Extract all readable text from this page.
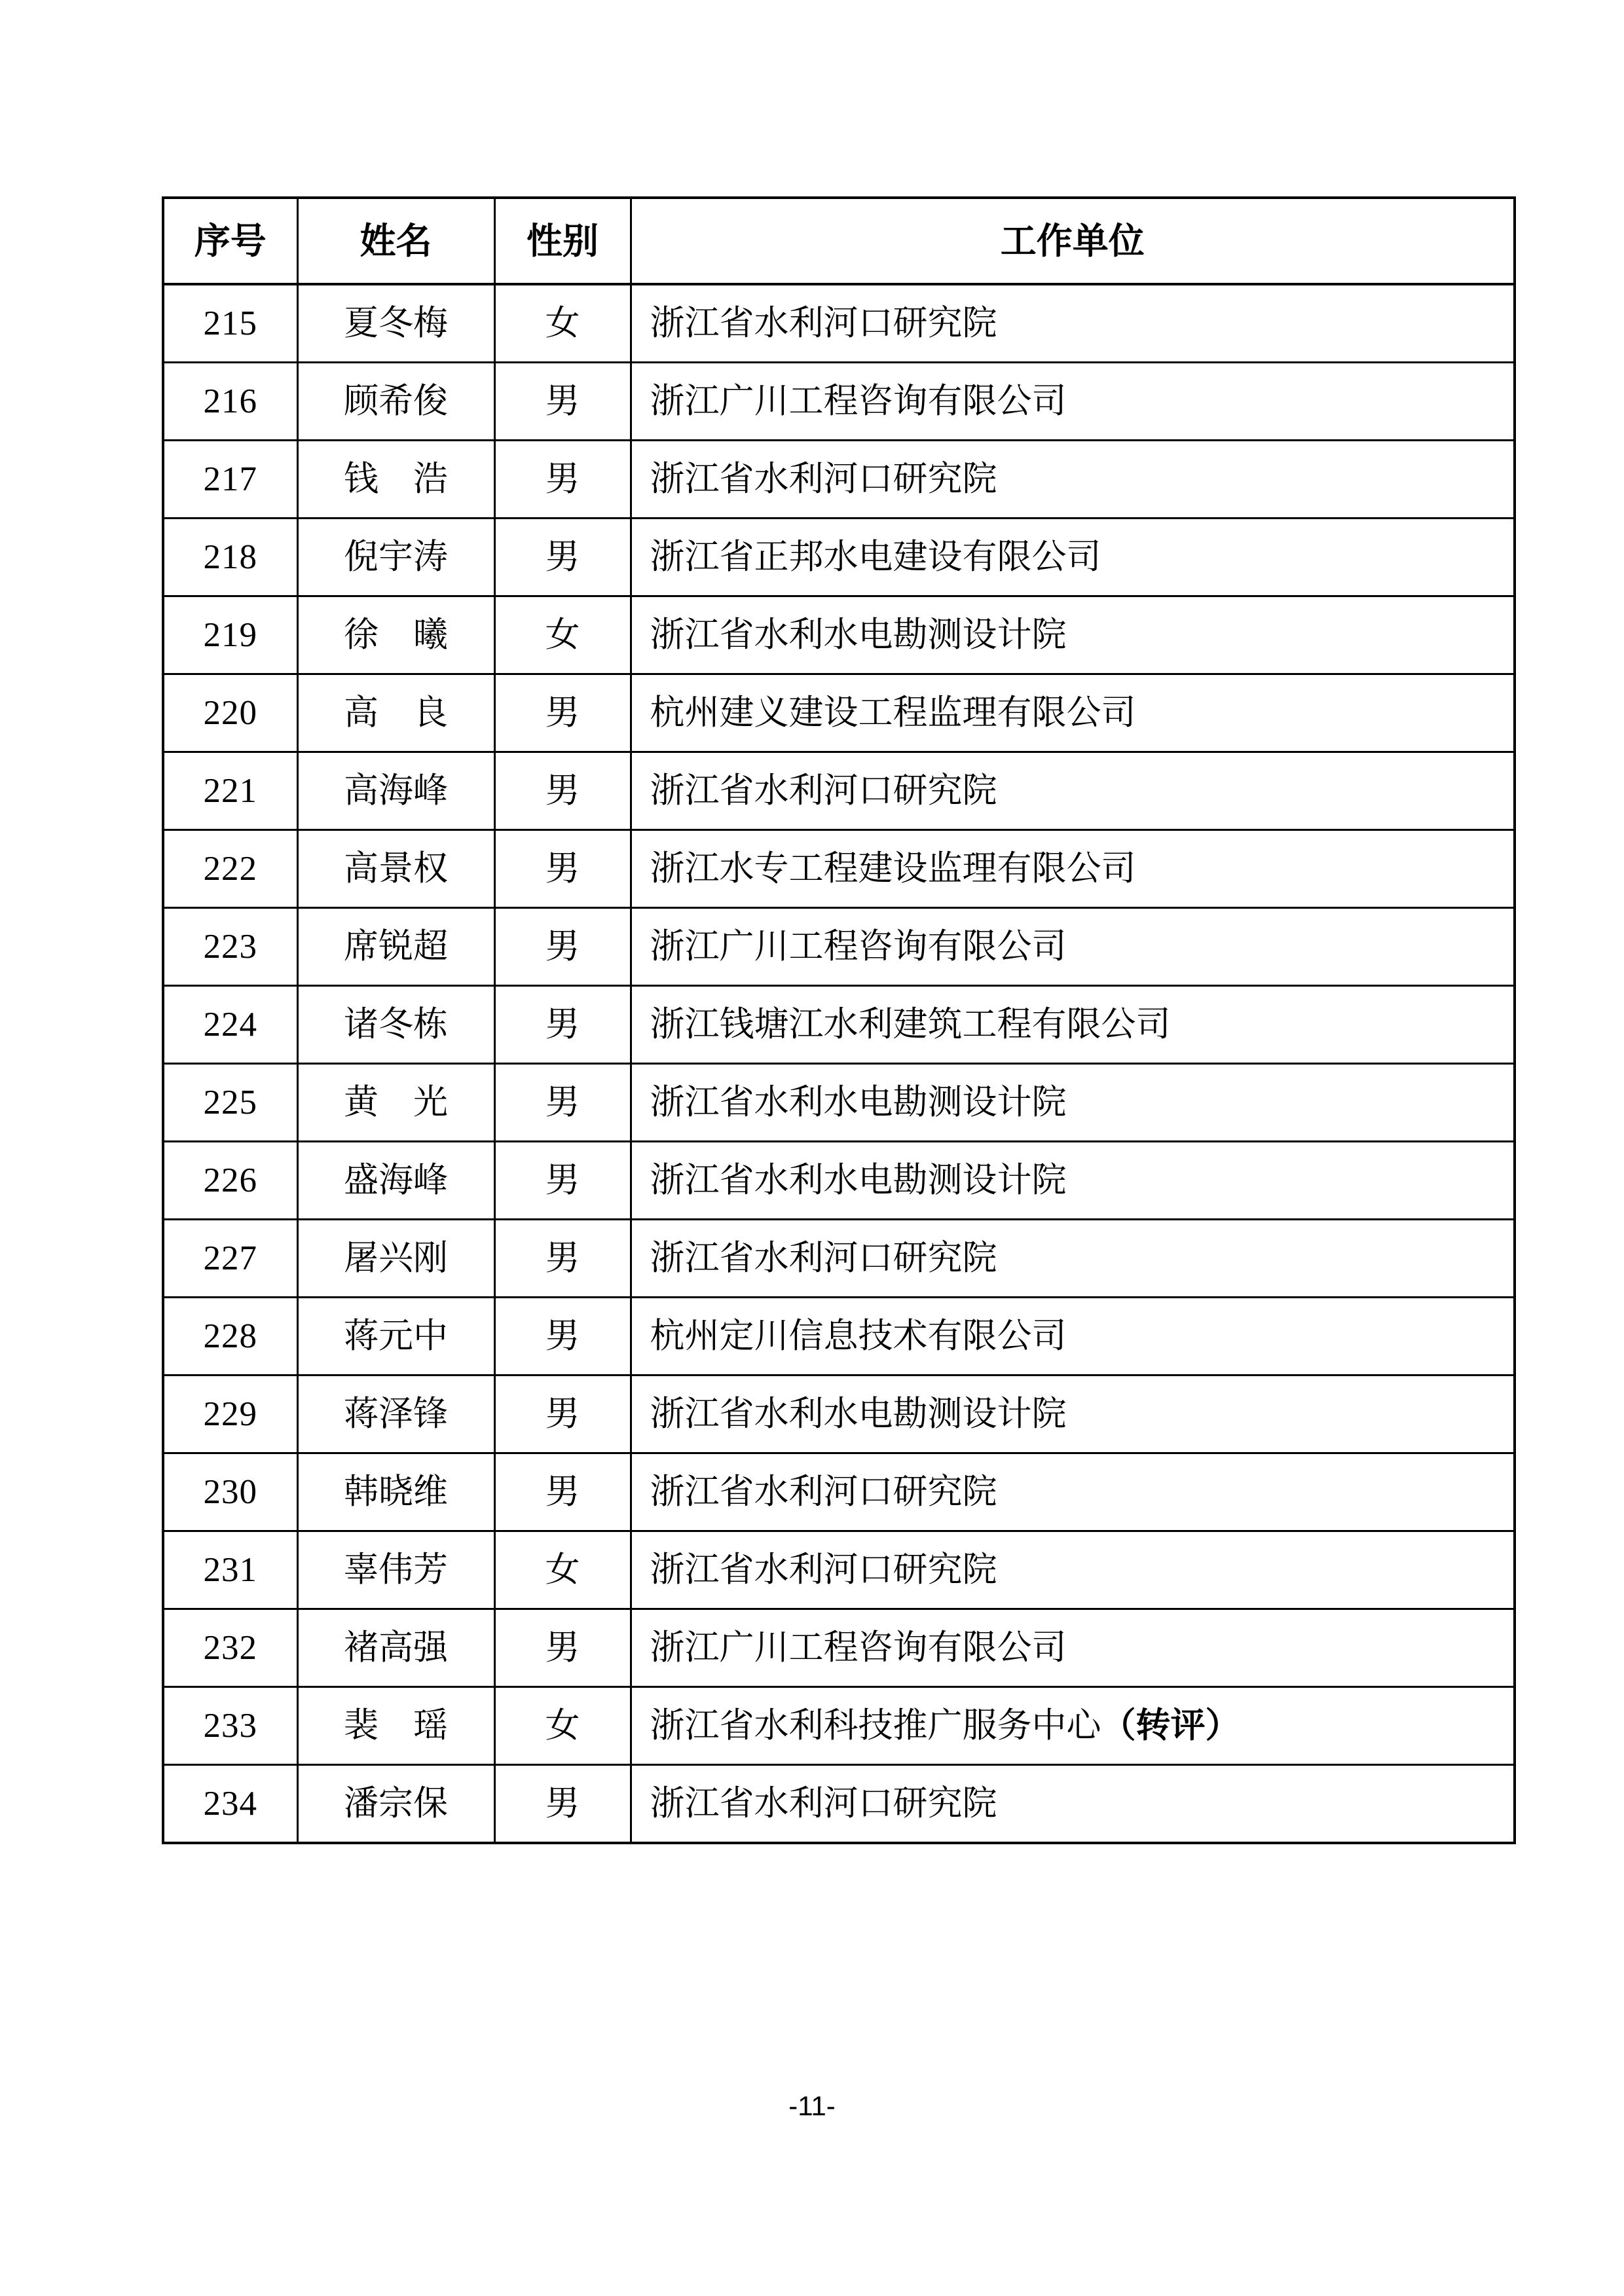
序号	姓名	性别	工作单位
215	夏冬梅	女	浙江省水利河口研究院
216	顾希俊	男	浙江广川工程咨询有限公司
217	钱　浩	男	浙江省水利河口研究院
218	倪宇涛	男	浙江省正邦水电建设有限公司
219	徐　曦	女	浙江省水利水电勘测设计院
220	高　良	男	杭州建义建设工程监理有限公司
221	高海峰	男	浙江省水利河口研究院
222	高景权	男	浙江水专工程建设监理有限公司
223	席锐超	男	浙江广川工程咨询有限公司
224	诸冬栋	男	浙江钱塘江水利建筑工程有限公司
225	黄　光	男	浙江省水利水电勘测设计院
226	盛海峰	男	浙江省水利水电勘测设计院
227	屠兴刚	男	浙江省水利河口研究院
228	蒋元中	男	杭州定川信息技术有限公司
229	蒋泽锋	男	浙江省水利水电勘测设计院
230	韩晓维	男	浙江省水利河口研究院
231	辜伟芳	女	浙江省水利河口研究院
232	褚高强	男	浙江广川工程咨询有限公司
233	裴　瑶	女	浙江省水利科技推广服务中心（转评）
234	潘宗保	男	浙江省水利河口研究院
-11-
